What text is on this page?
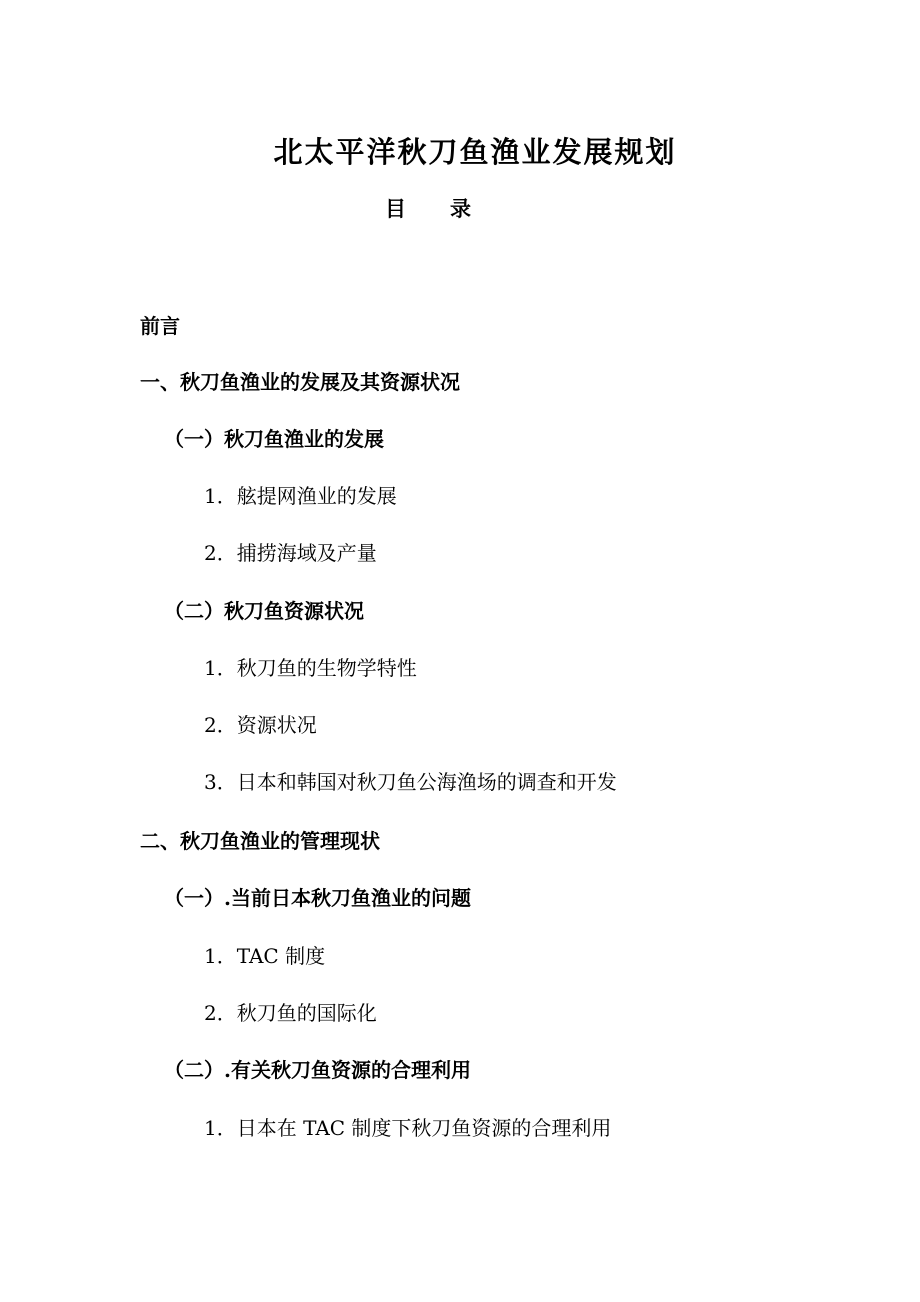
北太平洋秋刀鱼渔业发展规划
目 录
前言
一、秋刀鱼渔业的发展及其资源状况
（一）秋刀鱼渔业的发展
1．舷提网渔业的发展
2．捕捞海域及产量
（二）秋刀鱼资源状况
1．秋刀鱼的生物学特性
2．资源状况
3．日本和韩国对秋刀鱼公海渔场的调查和开发
二、秋刀鱼渔业的管理现状
（一）.当前日本秋刀鱼渔业的问题
1．TAC 制度
2．秋刀鱼的国际化
（二）.有关秋刀鱼资源的合理利用
1．日本在 TAC 制度下秋刀鱼资源的合理利用
